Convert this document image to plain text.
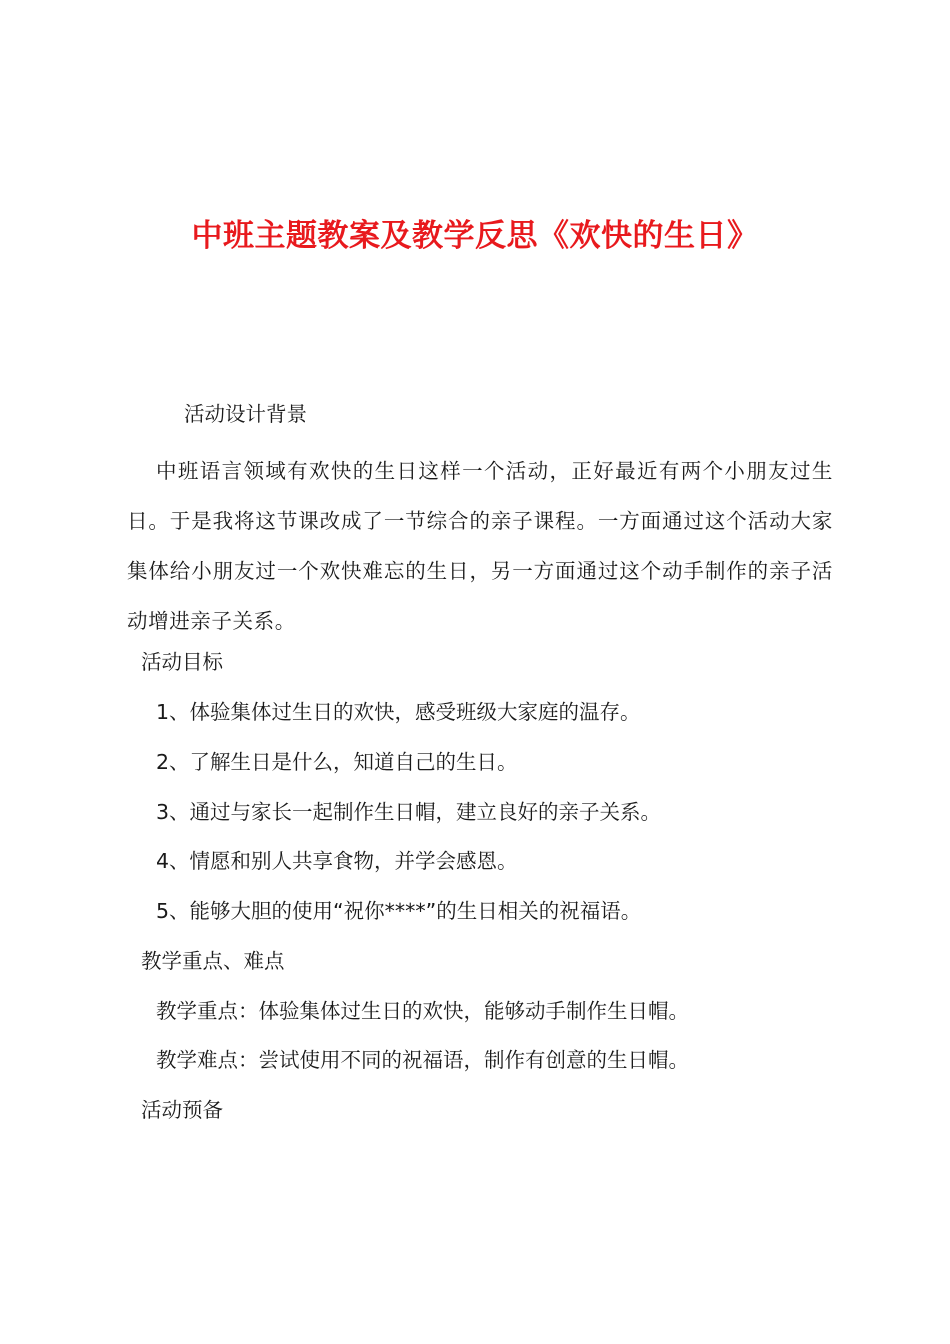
中班主题教案及教学反思《欢快的生日》
活动设计背景
中班语言领域有欢快的生日这样一个活动，正好最近有两个小朋友过生日。于是我将这节课改成了一节综合的亲子课程。一方面通过这个活动大家集体给小朋友过一个欢快难忘的生日，另一方面通过这个动手制作的亲子活动增进亲子关系。
活动目标
1、体验集体过生日的欢快，感受班级大家庭的温存。
2、了解生日是什么，知道自己的生日。
3、通过与家长一起制作生日帽，建立良好的亲子关系。
4、情愿和别人共享食物，并学会感恩。
5、能够大胆的使用“祝你****”的生日相关的祝福语。
教学重点、难点
教学重点：体验集体过生日的欢快，能够动手制作生日帽。
教学难点：尝试使用不同的祝福语，制作有创意的生日帽。
活动预备
